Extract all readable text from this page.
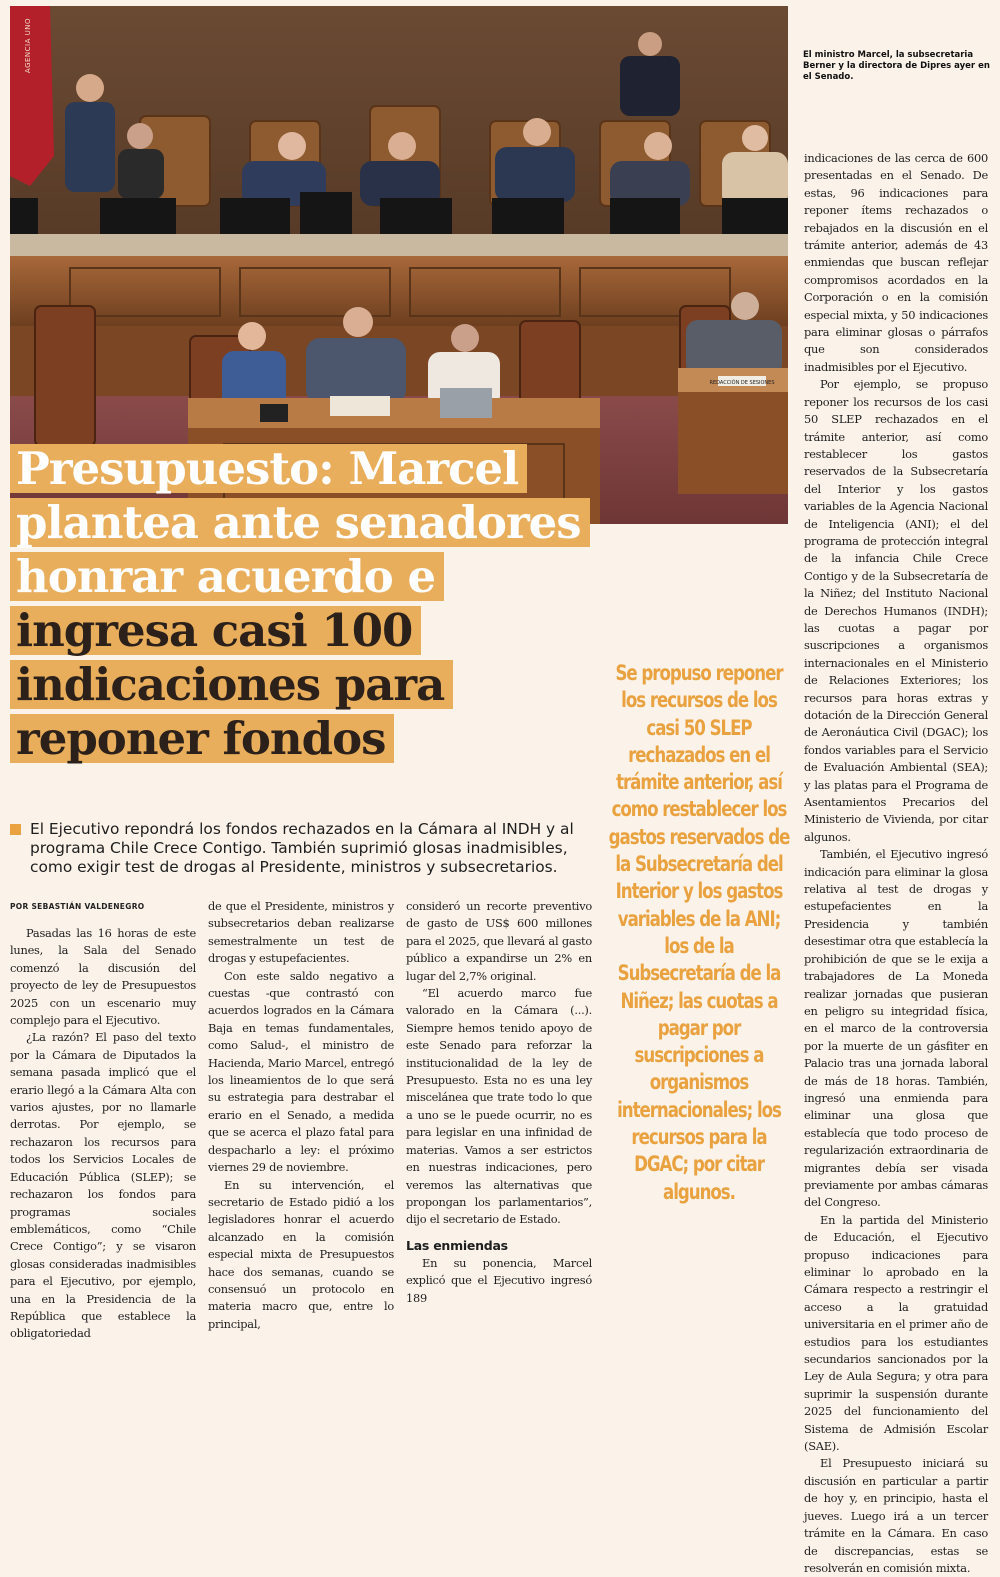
REDACCIÓN DE SESIONES
AGENCIA UNO	El ministro Marcel, la subsecretaria Berner y la directora de Dipres ayer en el Senado.
Presupuesto: Marcel
plantea ante senadores
honrar acuerdo e
ingresa casi 100
indicaciones para
reponer fondos
El Ejecutivo repondrá los fondos rechazados en la Cámara al INDH y al programa Chile Crece Contigo. También suprimió glosas inadmisibles, como exigir test de drogas al Presidente, ministros y subsecretarios.
POR SEBASTIÁN VALDENEGRO

Pasadas las 16 horas de este lunes, la Sala del Senado comenzó la discusión del proyecto de ley de Presupuestos 2025 con un escenario muy complejo para el Ejecutivo.

¿La razón? El paso del texto por la Cámara de Diputados la semana pasada implicó que el erario llegó a la Cámara Alta con varios ajustes, por no llamarle derrotas. Por ejemplo, se rechazaron los recursos para todos los Servicios Locales de Educación Pública (SLEP); se rechazaron los fondos para programas sociales emblemáticos, como “Chile Crece Contigo”; y se visaron glosas consideradas inadmisibles para el Ejecutivo, por ejemplo, una en la Presidencia de la República que establece la obligatoriedad

de que el Presidente, ministros y subsecretarios deban realizarse semestralmente un test de drogas y estupefacientes.

Con este saldo negativo a cuestas -que contrastó con acuerdos logrados en la Cámara Baja en temas fundamentales, como Salud-, el ministro de Hacienda, Mario Marcel, entregó los lineamientos de lo que será su estrategia para destrabar el erario en el Senado, a medida que se acerca el plazo fatal para despacharlo a ley: el próximo viernes 29 de noviembre.

En su intervención, el secretario de Estado pidió a los legisladores honrar el acuerdo alcanzado en la comisión especial mixta de Presupuestos hace dos semanas, cuando se consensuó un protocolo en materia macro que, entre lo principal,

consideró un recorte preventivo de gasto de US$ 600 millones para el 2025, que llevará al gasto público a expandirse un 2% en lugar del 2,7% original.

“El acuerdo marco fue valorado en la Cámara (...). Siempre hemos tenido apoyo de este Senado para reforzar la institucionalidad de la ley de Presupuesto. Esta no es una ley miscelánea que trate todo lo que a uno se le puede ocurrir, no es para legislar en una infinidad de materias. Vamos a ser estrictos en nuestras indicaciones, pero veremos las alternativas que propongan los parlamentarios”, dijo el secretario de Estado.

Las enmiendas

En su ponencia, Marcel explicó que el Ejecutivo ingresó 189

Se propuso reponer los recursos de los casi 50 SLEP rechazados en el trámite anterior, así como restablecer los gastos reservados de la Subsecretaría del Interior y los gastos variables de la ANI; los de la Subsecretaría de la Niñez; las cuotas a pagar por suscripciones a organismos internacionales; los recursos para la DGAC; por citar algunos.

indicaciones de las cerca de 600 presentadas en el Senado. De estas, 96 indicaciones para reponer ítems rechazados o rebajados en la discusión en el trámite anterior, además de 43 enmiendas que buscan reflejar compromisos acordados en la Corporación o en la comisión especial mixta, y 50 indicaciones para eliminar glosas o párrafos que son considerados inadmisibles por el Ejecutivo.

Por ejemplo, se propuso reponer los recursos de los casi 50 SLEP rechazados en el trámite anterior, así como restablecer los gastos reservados de la Subsecretaría del Interior y los gastos variables de la Agencia Nacional de Inteligencia (ANI); el del programa de protección integral de la infancia Chile Crece Contigo y de la Subsecretaría de la Niñez; del Instituto Nacional de Derechos Humanos (INDH); las cuotas a pagar por suscripciones a organismos internacionales en el Ministerio de Relaciones Exteriores; los recursos para horas extras y dotación de la Dirección General de Aeronáutica Civil (DGAC); los fondos variables para el Servicio de Evaluación Ambiental (SEA); y las platas para el Programa de Asentamientos Precarios del Ministerio de Vivienda, por citar algunos.

También, el Ejecutivo ingresó indicación para eliminar la glosa relativa al test de drogas y estupefacientes en la Presidencia y también desestimar otra que establecía la prohibición de que se le exija a trabajadores de La Moneda realizar jornadas que pusieran en peligro su integridad física, en el marco de la controversia por la muerte de un gásfiter en Palacio tras una jornada laboral de más de 18 horas. También, ingresó una enmienda para eliminar una glosa que establecía que todo proceso de regularización extraordinaria de migrantes debía ser visada previamente por ambas cámaras del Congreso.

En la partida del Ministerio de Educación, el Ejecutivo propuso indicaciones para eliminar lo aprobado en la Cámara respecto a restringir el acceso a la gratuidad universitaria en el primer año de estudios para los estudiantes secundarios sancionados por la Ley de Aula Segura; y otra para suprimir la suspensión durante 2025 del funcionamiento del Sistema de Admisión Escolar (SAE).

El Presupuesto iniciará su discusión en particular a partir de hoy y, en principio, hasta el jueves. Luego irá a un tercer trámite en la Cámara. En caso de discrepancias, estas se resolverán en comisión mixta.
